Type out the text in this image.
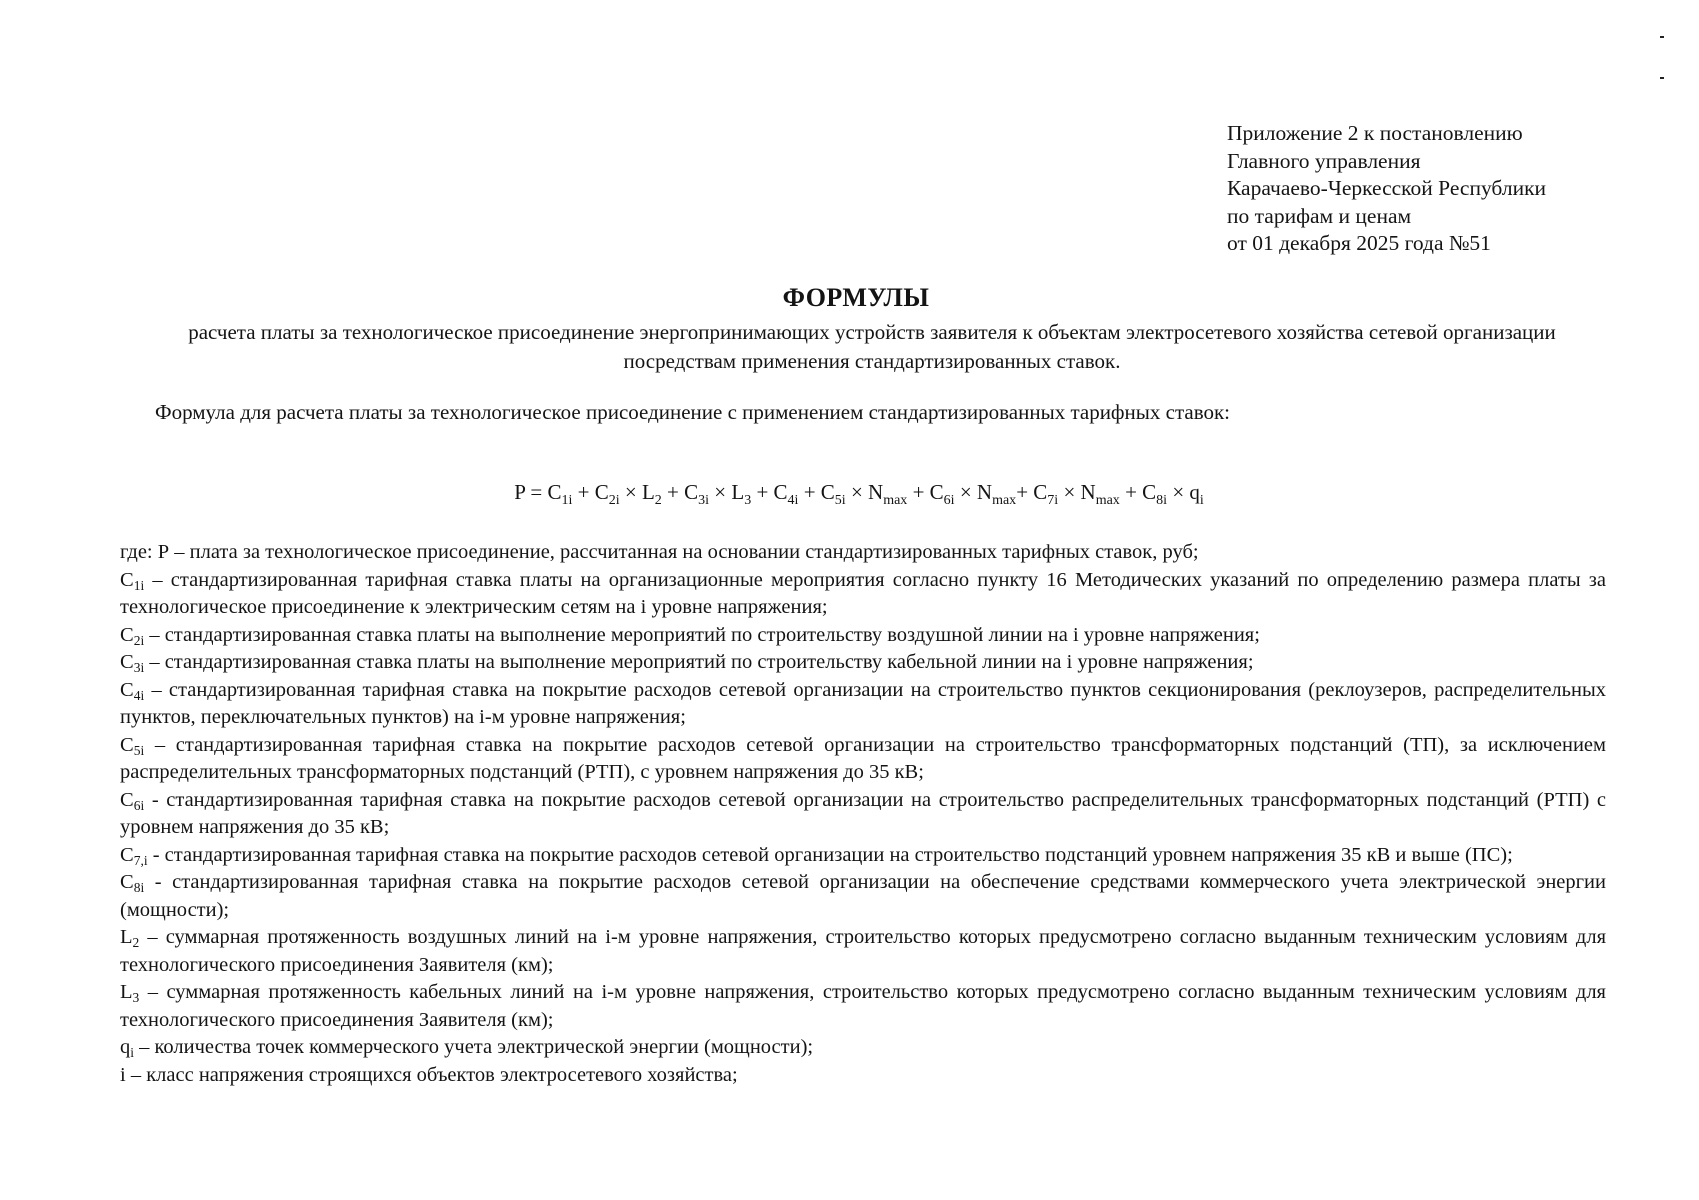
Приложение 2 к постановлению
Главного управления
Карачаево-Черкесской Республики
по тарифам и ценам
от 01 декабря 2025 года №51
ФОРМУЛЫ
расчета платы за технологическое присоединение энергопринимающих устройств заявителя к объектам электросетевого хозяйства сетевой организации посредствам применения стандартизированных ставок.
Формула для расчета платы за технологическое присоединение с применением стандартизированных тарифных ставок:
$P = C_{1i} + C_{2i} \times L_2 + C_{3i} \times L_3 + C_{4i} + C_{5i} \times N_{max} + C_{6i} \times N_{max}+ C_{7i} \times N_{max} + C_{8i} \times q_i$

где: Р – плата за технологическое присоединение, рассчитанная на основании стандартизированных тарифных ставок, руб;

$С_{1i}$ – стандартизированная тарифная ставка платы на организационные мероприятия согласно пункту 16 Методических указаний по определению размера платы за технологическое присоединение к электрическим сетям на i уровне напряжения;

$С_{2i}$ – стандартизированная ставка платы на выполнение мероприятий по строительству воздушной линии на i уровне напряжения;

$С_{3i}$ – стандартизированная ставка платы на выполнение мероприятий по строительству кабельной линии на i уровне напряжения;

$С_{4i}$ – стандартизированная тарифная ставка на покрытие расходов сетевой организации на строительство пунктов секционирования (реклоузеров, распределительных пунктов, переключательных пунктов) на i-м уровне напряжения;

$С_{5i}$ – стандартизированная тарифная ставка на покрытие расходов сетевой организации на строительство трансформаторных подстанций (ТП), за исключением распределительных трансформаторных подстанций (РТП), с уровнем напряжения до 35 кВ;

$С_{6i}$ - стандартизированная тарифная ставка на покрытие расходов сетевой организации на строительство распределительных трансформаторных подстанций (РТП) с уровнем напряжения до 35 кВ;

$С_{7,i}$ - стандартизированная тарифная ставка на покрытие расходов сетевой организации на строительство подстанций уровнем напряжения 35 кВ и выше (ПС);

$С_{8i}$ - стандартизированная тарифная ставка на покрытие расходов сетевой организации на обеспечение средствами коммерческого учета электрической энергии (мощности);

$L_2$ – суммарная протяженность воздушных линий на i-м уровне напряжения, строительство которых предусмотрено согласно выданным техническим условиям для технологического присоединения Заявителя (км);

$L_3$ – суммарная протяженность кабельных линий на i-м уровне напряжения, строительство которых предусмотрено согласно выданным техническим условиям для технологического присоединения Заявителя (км);

$q_i$ – количества точек коммерческого учета электрической энергии (мощности);

i – класс напряжения строящихся объектов электросетевого хозяйства;
